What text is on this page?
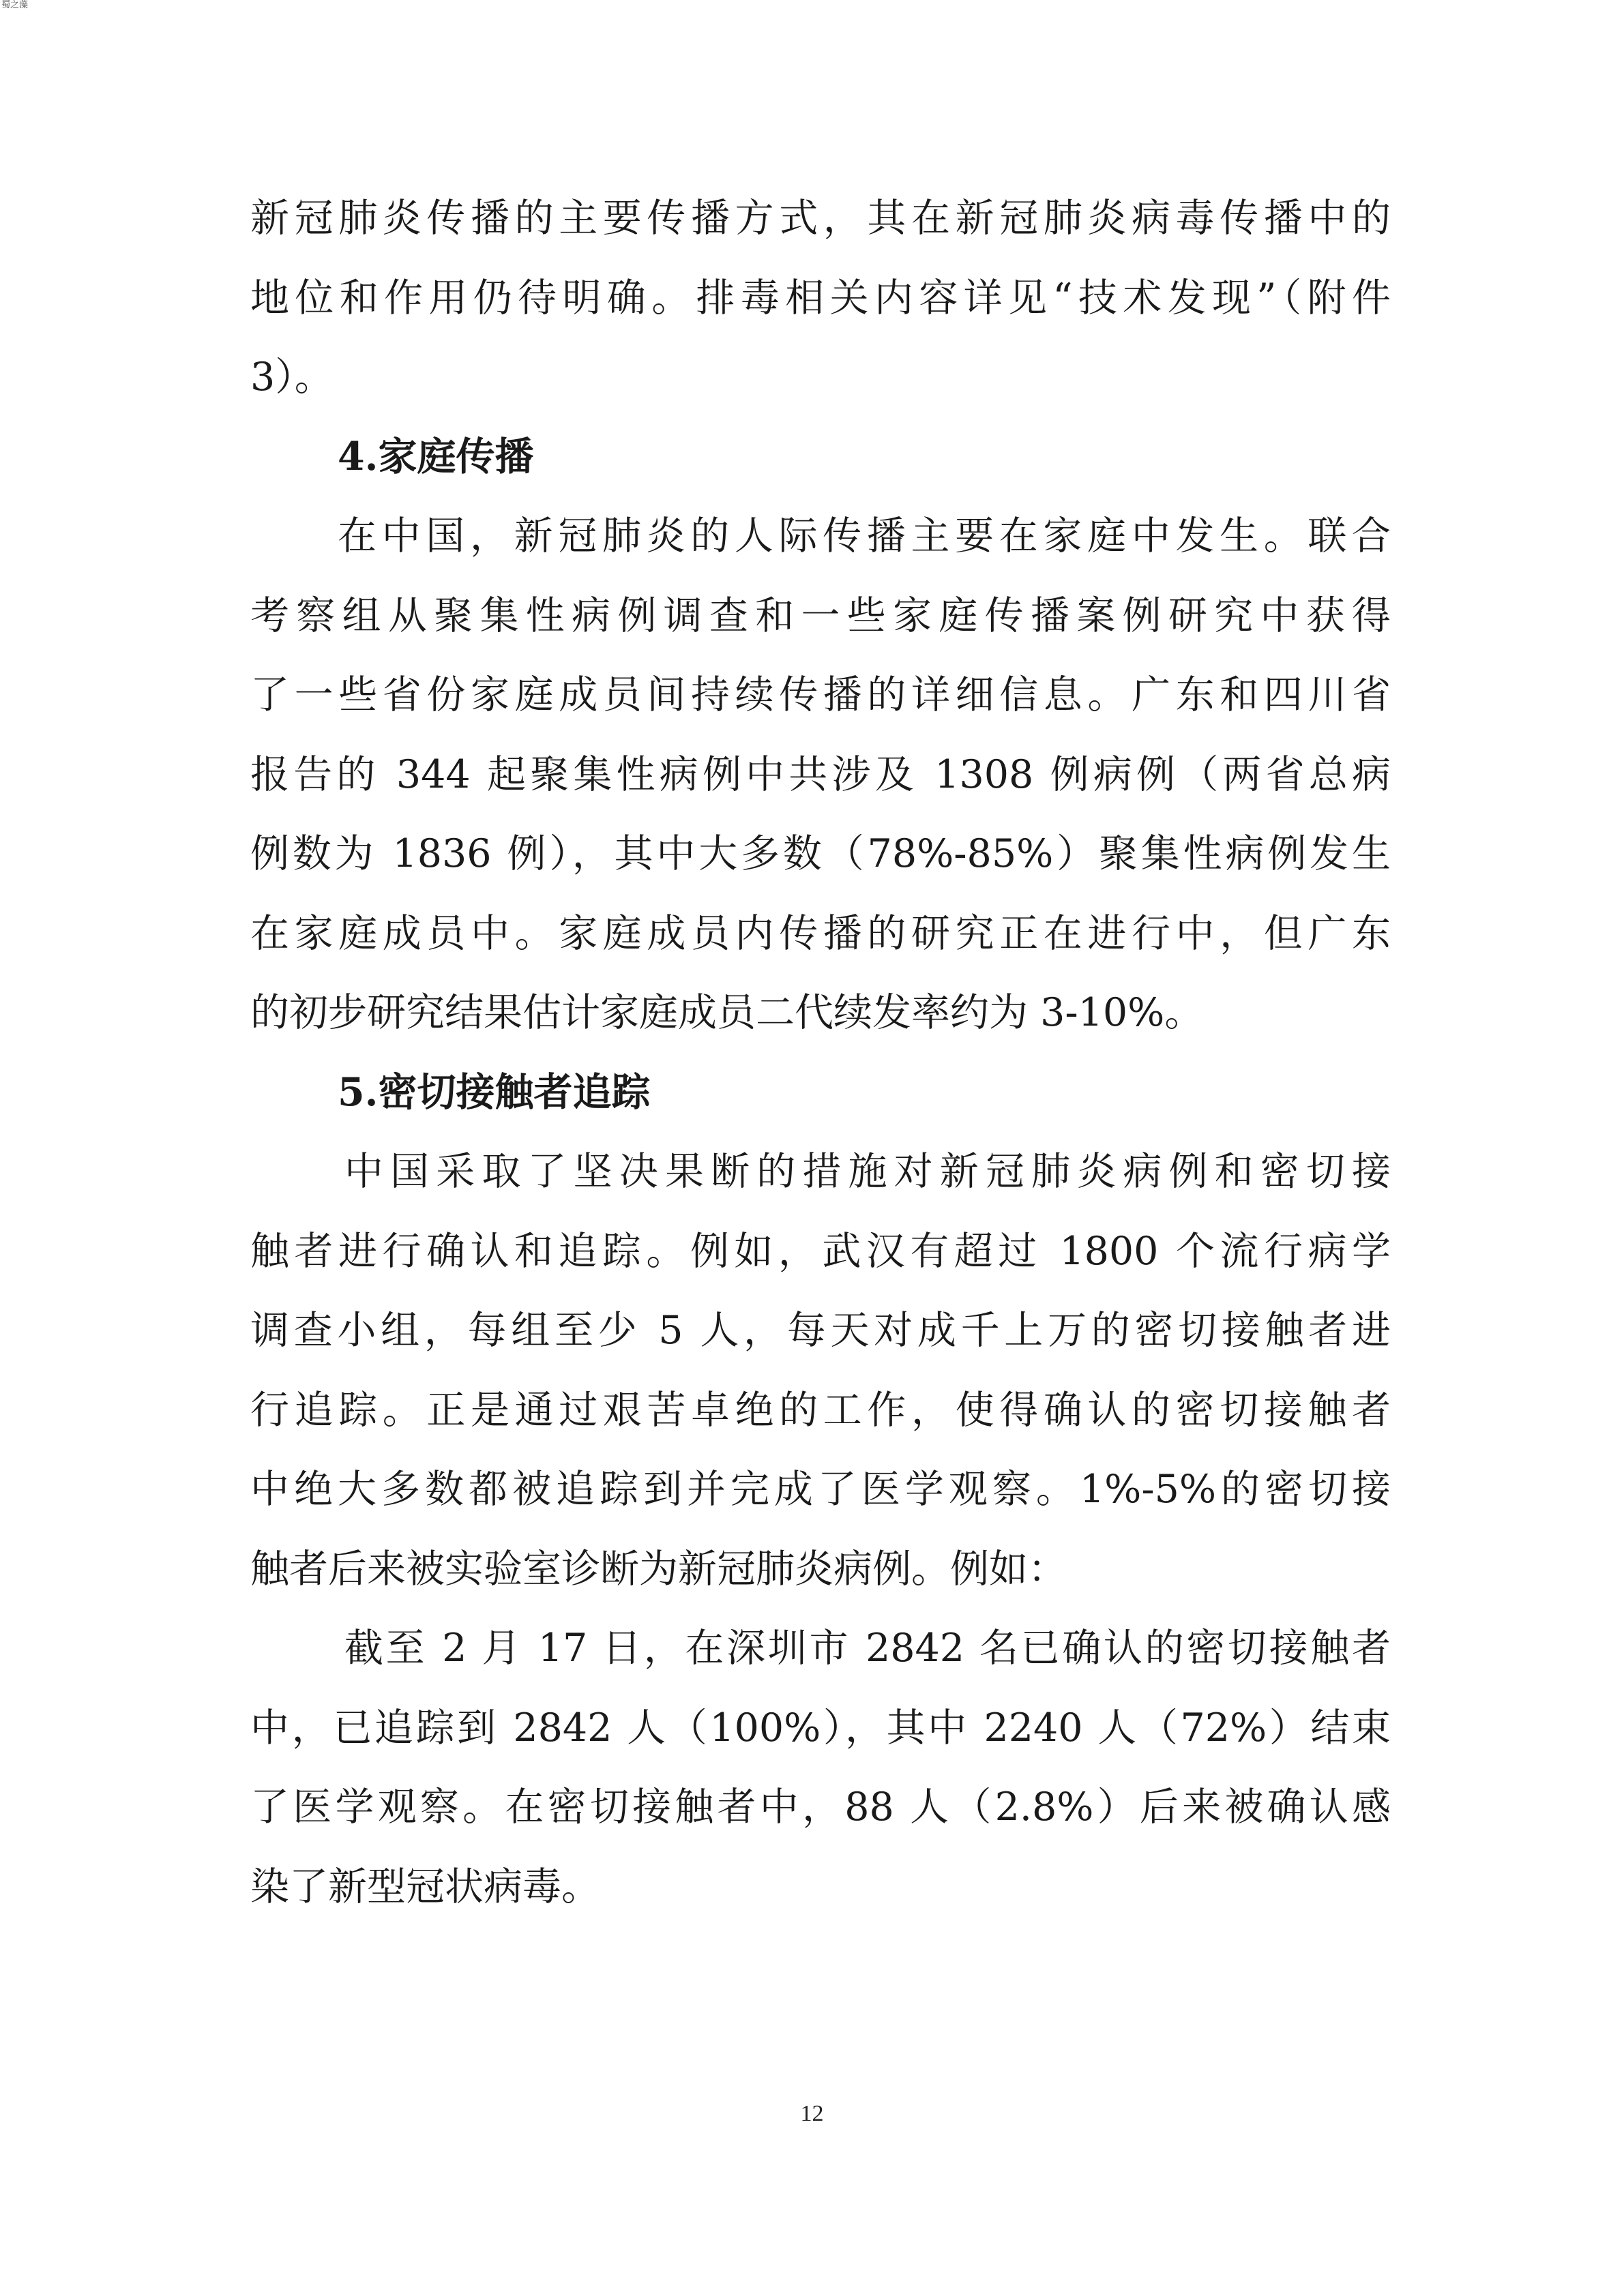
蜀之藻
新冠肺炎传播的主要传播方式，其在新冠肺炎病毒传播中的
地位和作用仍待明确。排毒相关内容详见“技术发现”（附件
3）。
4.家庭传播
在中国，新冠肺炎的人际传播主要在家庭中发生。联合
考察组从聚集性病例调查和一些家庭传播案例研究中获得
了一些省份家庭成员间持续传播的详细信息。广东和四川省
报告的 344 起聚集性病例中共涉及 1308 例病例（两省总病
例数为 1836 例），其中大多数（78%-85%）聚集性病例发生
在家庭成员中。家庭成员内传播的研究正在进行中，但广东
的初步研究结果估计家庭成员二代续发率约为 3-10%。
5.密切接触者追踪
中国采取了坚决果断的措施对新冠肺炎病例和密切接
触者进行确认和追踪。例如，武汉有超过 1800 个流行病学
调查小组，每组至少 5 人，每天对成千上万的密切接触者进
行追踪。正是通过艰苦卓绝的工作，使得确认的密切接触者
中绝大多数都被追踪到并完成了医学观察。1%-5%的密切接
触者后来被实验室诊断为新冠肺炎病例。例如：
截至 2 月 17 日，在深圳市 2842 名已确认的密切接触者
中，已追踪到 2842 人（100%），其中 2240 人（72%）结束
了医学观察。在密切接触者中，88 人（2.8%）后来被确认感
染了新型冠状病毒。
12
